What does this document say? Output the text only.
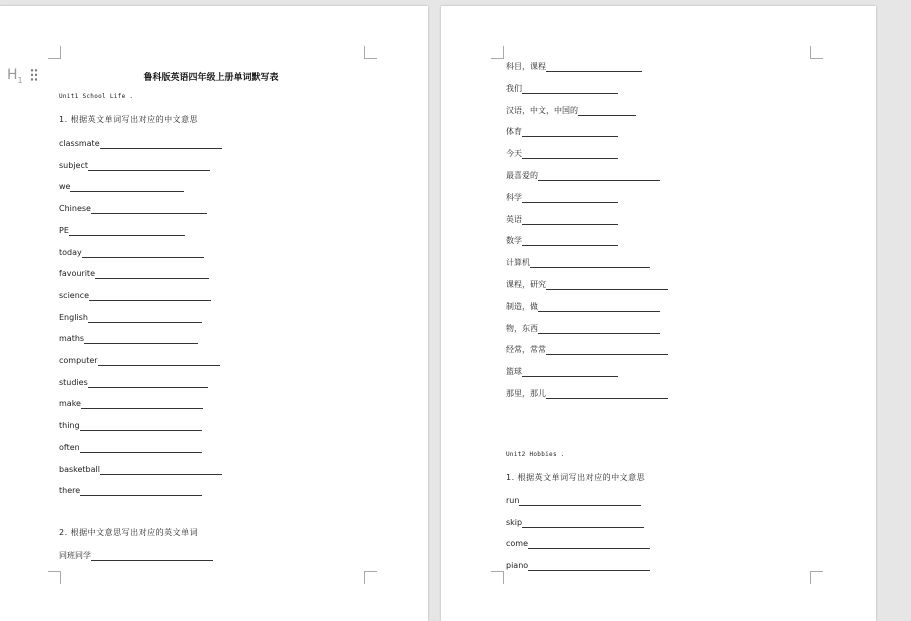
$H_1$	鲁科版英语四年级上册单词默写表
Unit1 School Life .
1. 根据英文单词写出对应的中文意思
classmate
subject
we
Chinese
PE
today
favourite
science
English
maths
computer
studies
make
thing
often
basketball
there
2. 根据中文意思写出对应的英文单词
同班同学
科目，课程
我们
汉语，中文，中国的
体育
今天
最喜爱的
科学
英语
数学
计算机
课程，研究
制造，做
物，东西
经常，常常
篮球
那里，那儿
Unit2 Hobbies .
1. 根据英文单词写出对应的中文意思
run
skip
come
piano
